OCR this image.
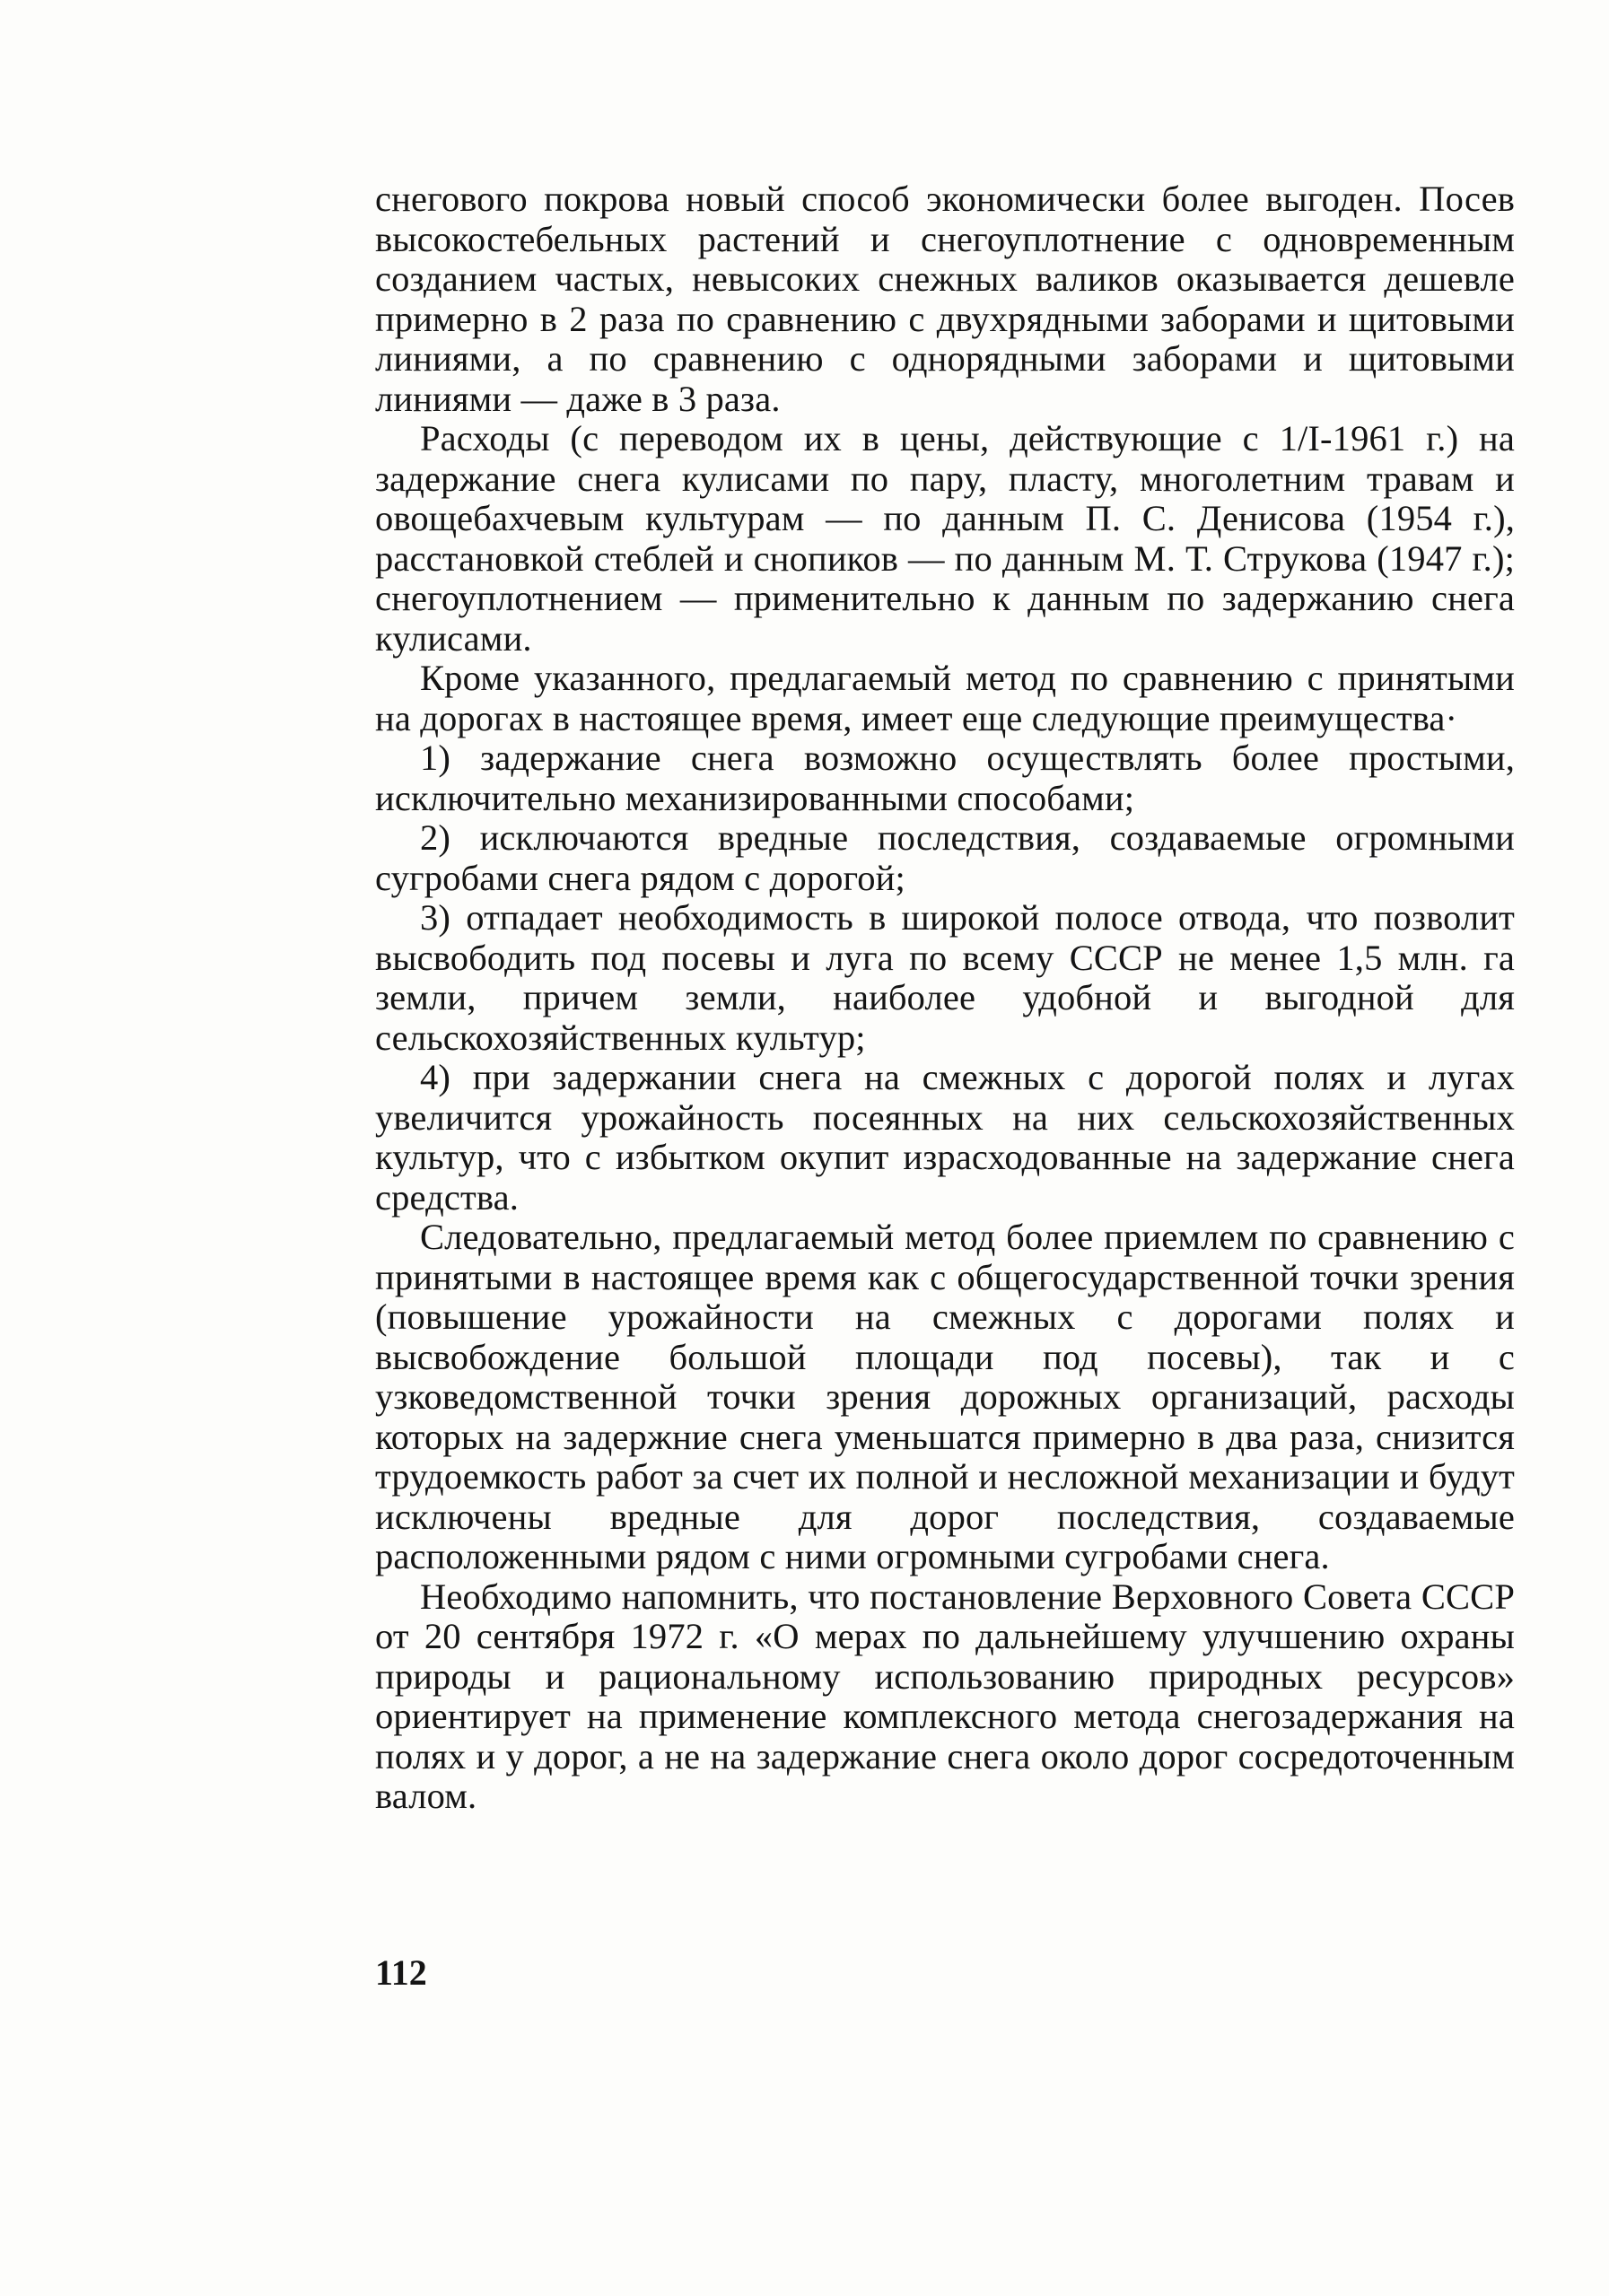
снегового покрова новый способ экономически более выгоден. Посев высокостебельных растений и снегоуплотнение с одновременным созданием частых, невысоких снежных валиков оказывается дешевле примерно в 2 раза по сравнению с двухрядными заборами и щитовыми линиями, а по сравнению с однорядными заборами и щитовыми линиями — даже в 3 раза.

Расходы (с переводом их в цены, действующие с 1/I-1961 г.) на задержание снега кулисами по пару, пласту, многолетним травам и овощебахчевым культурам — по данным П. С. Денисова (1954 г.), расстановкой стеблей и снопиков — по данным М. Т. Струкова (1947 г.); снегоуплотнением — применительно к данным по задержанию снега кулисами.

Кроме указанного, предлагаемый метод по сравнению с принятыми на дорогах в настоящее время, имеет еще следующие преимущества·

1) задержание снега возможно осуществлять более простыми, исключительно механизированными способами;

2) исключаются вредные последствия, создаваемые огромными сугробами снега рядом с дорогой;

3) отпадает необходимость в широкой полосе отвода, что позволит высвободить под посевы и луга по всему СССР не менее 1,5 млн. га земли, причем земли, наиболее удобной и выгодной для сельскохозяйственных культур;

4) при задержании снега на смежных с дорогой полях и лугах увеличится урожайность посеянных на них сельскохозяйственных культур, что с избытком окупит израсходованные на задержание снега средства.

Следовательно, предлагаемый метод более приемлем по сравнению с принятыми в настоящее время как с общегосударственной точки зрения (повышение урожайности на смежных с дорогами полях и высвобождение большой площади под посевы), так и с узковедомственной точки зрения дорожных организаций, расходы которых на задержние снега уменьшатся примерно в два раза, снизится трудоемкость работ за счет их полной и несложной механизации и будут исключены вредные для дорог последствия, создаваемые расположенными рядом с ними огромными сугробами снега.

Необходимо напомнить, что постановление Верховного Совета СССР от 20 сентября 1972 г. «О мерах по дальнейшему улучшению охраны природы и рациональному использованию природных ресурсов» ориентирует на применение комплексного метода снегозадержания на полях и у дорог, а не на задержание снега около дорог сосредоточенным валом.

112
